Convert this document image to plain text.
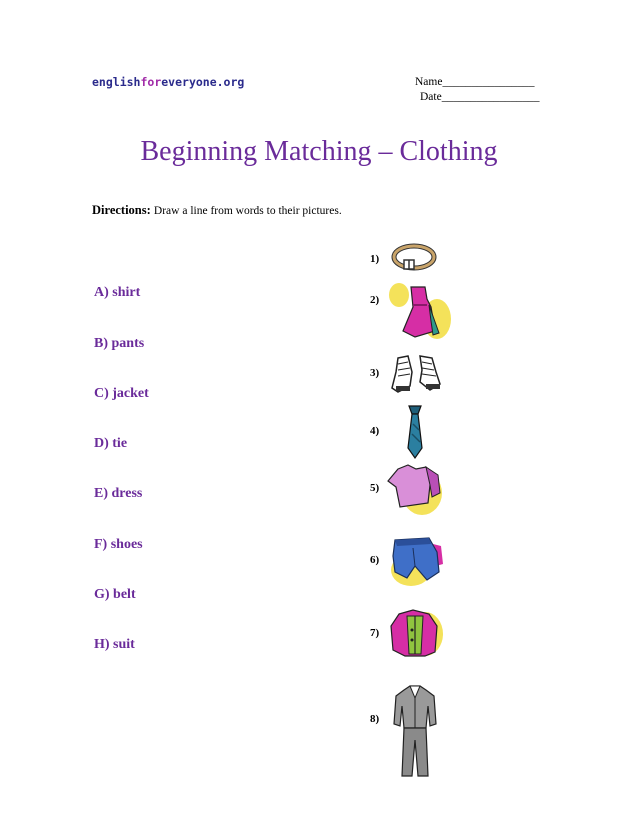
englishforeveryone.org	Name________________
Date_________________
Beginning Matching – Clothing
Directions: Draw a line from words to their pictures.
A) shirt
B) pants
C) jacket
D) tie
E) dress
F) shoes
G) belt
H) suit
1)
2)
3)
4)
5)
6)
7)
8)
